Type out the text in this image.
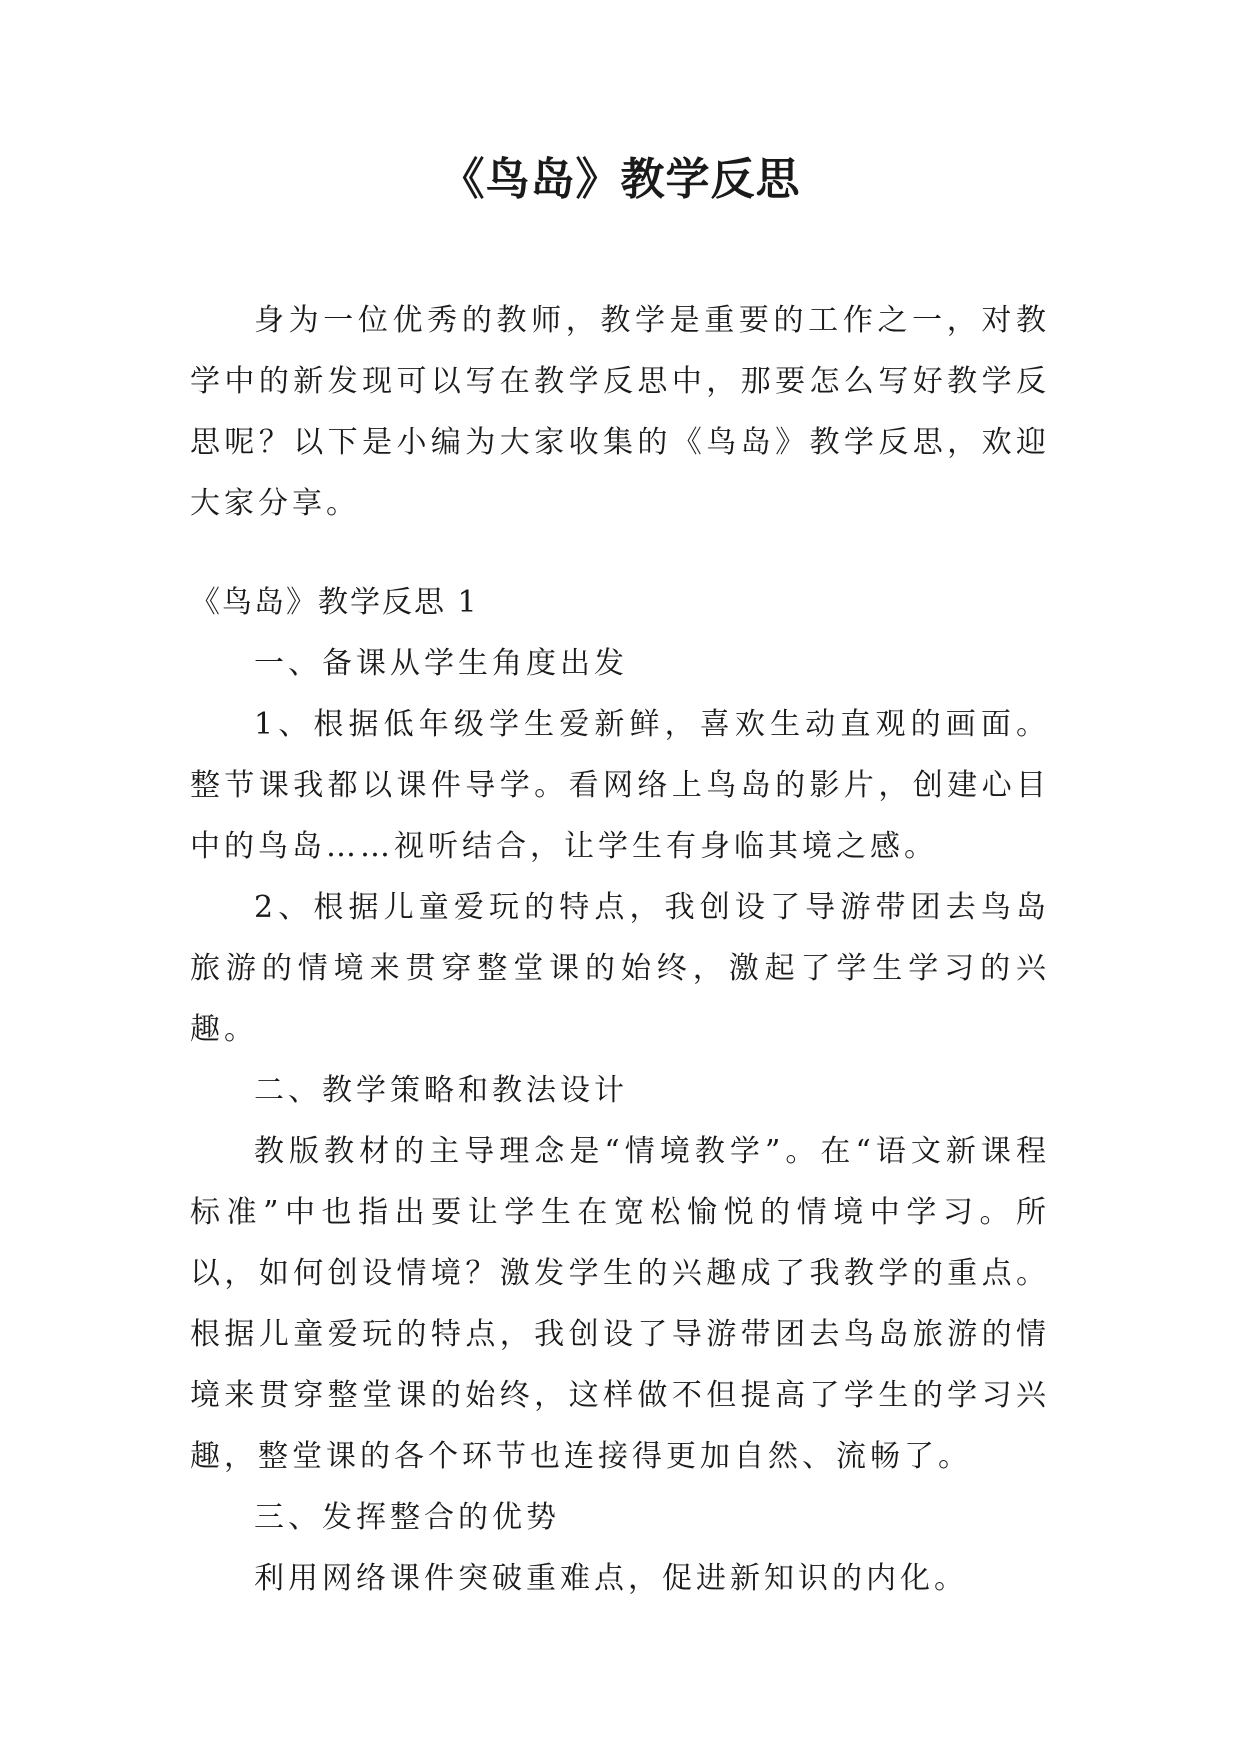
《鸟岛》教学反思

身为一位优秀的教师，教学是重要的工作之一，对教学中的新发现可以写在教学反思中，那要怎么写好教学反思呢？以下是小编为大家收集的《鸟岛》教学反思，欢迎大家分享。

《鸟岛》教学反思 1

一、备课从学生角度出发

1、根据低年级学生爱新鲜，喜欢生动直观的画面。整节课我都以课件导学。看网络上鸟岛的影片，创建心目中的鸟岛……视听结合，让学生有身临其境之感。

2、根据儿童爱玩的特点，我创设了导游带团去鸟岛旅游的情境来贯穿整堂课的始终，激起了学生学习的兴趣。

二、教学策略和教法设计

教版教材的主导理念是“情境教学”。在“语文新课程标准”中也指出要让学生在宽松愉悦的情境中学习。所以，如何创设情境？激发学生的兴趣成了我教学的重点。根据儿童爱玩的特点，我创设了导游带团去鸟岛旅游的情境来贯穿整堂课的始终，这样做不但提高了学生的学习兴趣，整堂课的各个环节也连接得更加自然、流畅了。

三、发挥整合的优势

利用网络课件突破重难点，促进新知识的内化。
